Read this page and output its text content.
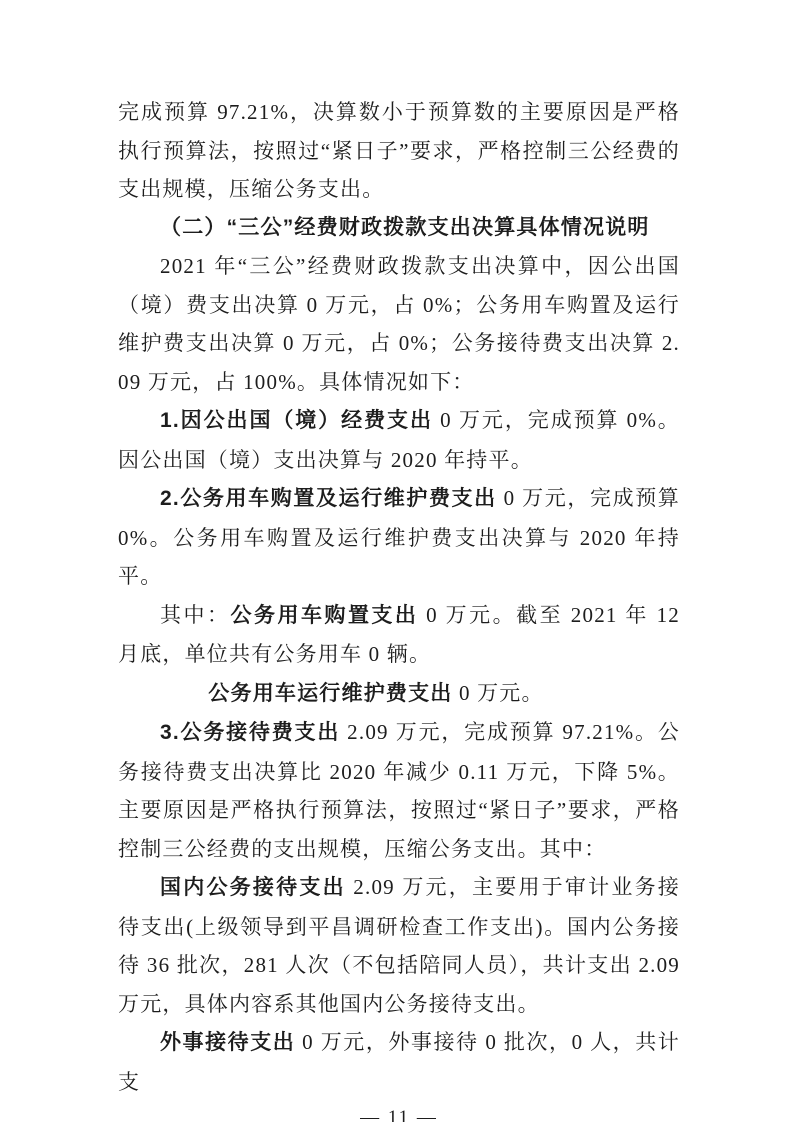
完成预算 97.21%，决算数小于预算数的主要原因是严格执行预算法，按照过“紧日子”要求，严格控制三公经费的支出规模，压缩公务支出。

（二）“三公”经费财政拨款支出决算具体情况说明

2021 年“三公”经费财政拨款支出决算中，因公出国（境）费支出决算 0 万元，占 0%；公务用车购置及运行维护费支出决算 0 万元，占 0%；公务接待费支出决算 2.09 万元，占 100%。具体情况如下：

1.因公出国（境）经费支出 0 万元，完成预算 0%。因公出国（境）支出决算与 2020 年持平。

2.公务用车购置及运行维护费支出 0 万元，完成预算 0%。公务用车购置及运行维护费支出决算与 2020 年持平。

其中：公务用车购置支出 0 万元。截至 2021 年 12 月底，单位共有公务用车 0 辆。

公务用车运行维护费支出 0 万元。

3.公务接待费支出 2.09 万元，完成预算 97.21%。公务接待费支出决算比 2020 年减少 0.11 万元，下降 5%。主要原因是严格执行预算法，按照过“紧日子”要求，严格控制三公经费的支出规模，压缩公务支出。其中：

国内公务接待支出 2.09 万元，主要用于审计业务接待支出(上级领导到平昌调研检查工作支出)。国内公务接待 36 批次，281 人次（不包括陪同人员），共计支出 2.09 万元，具体内容系其他国内公务接待支出。

外事接待支出 0 万元，外事接待 0 批次，0 人，共计支

— 11 —
